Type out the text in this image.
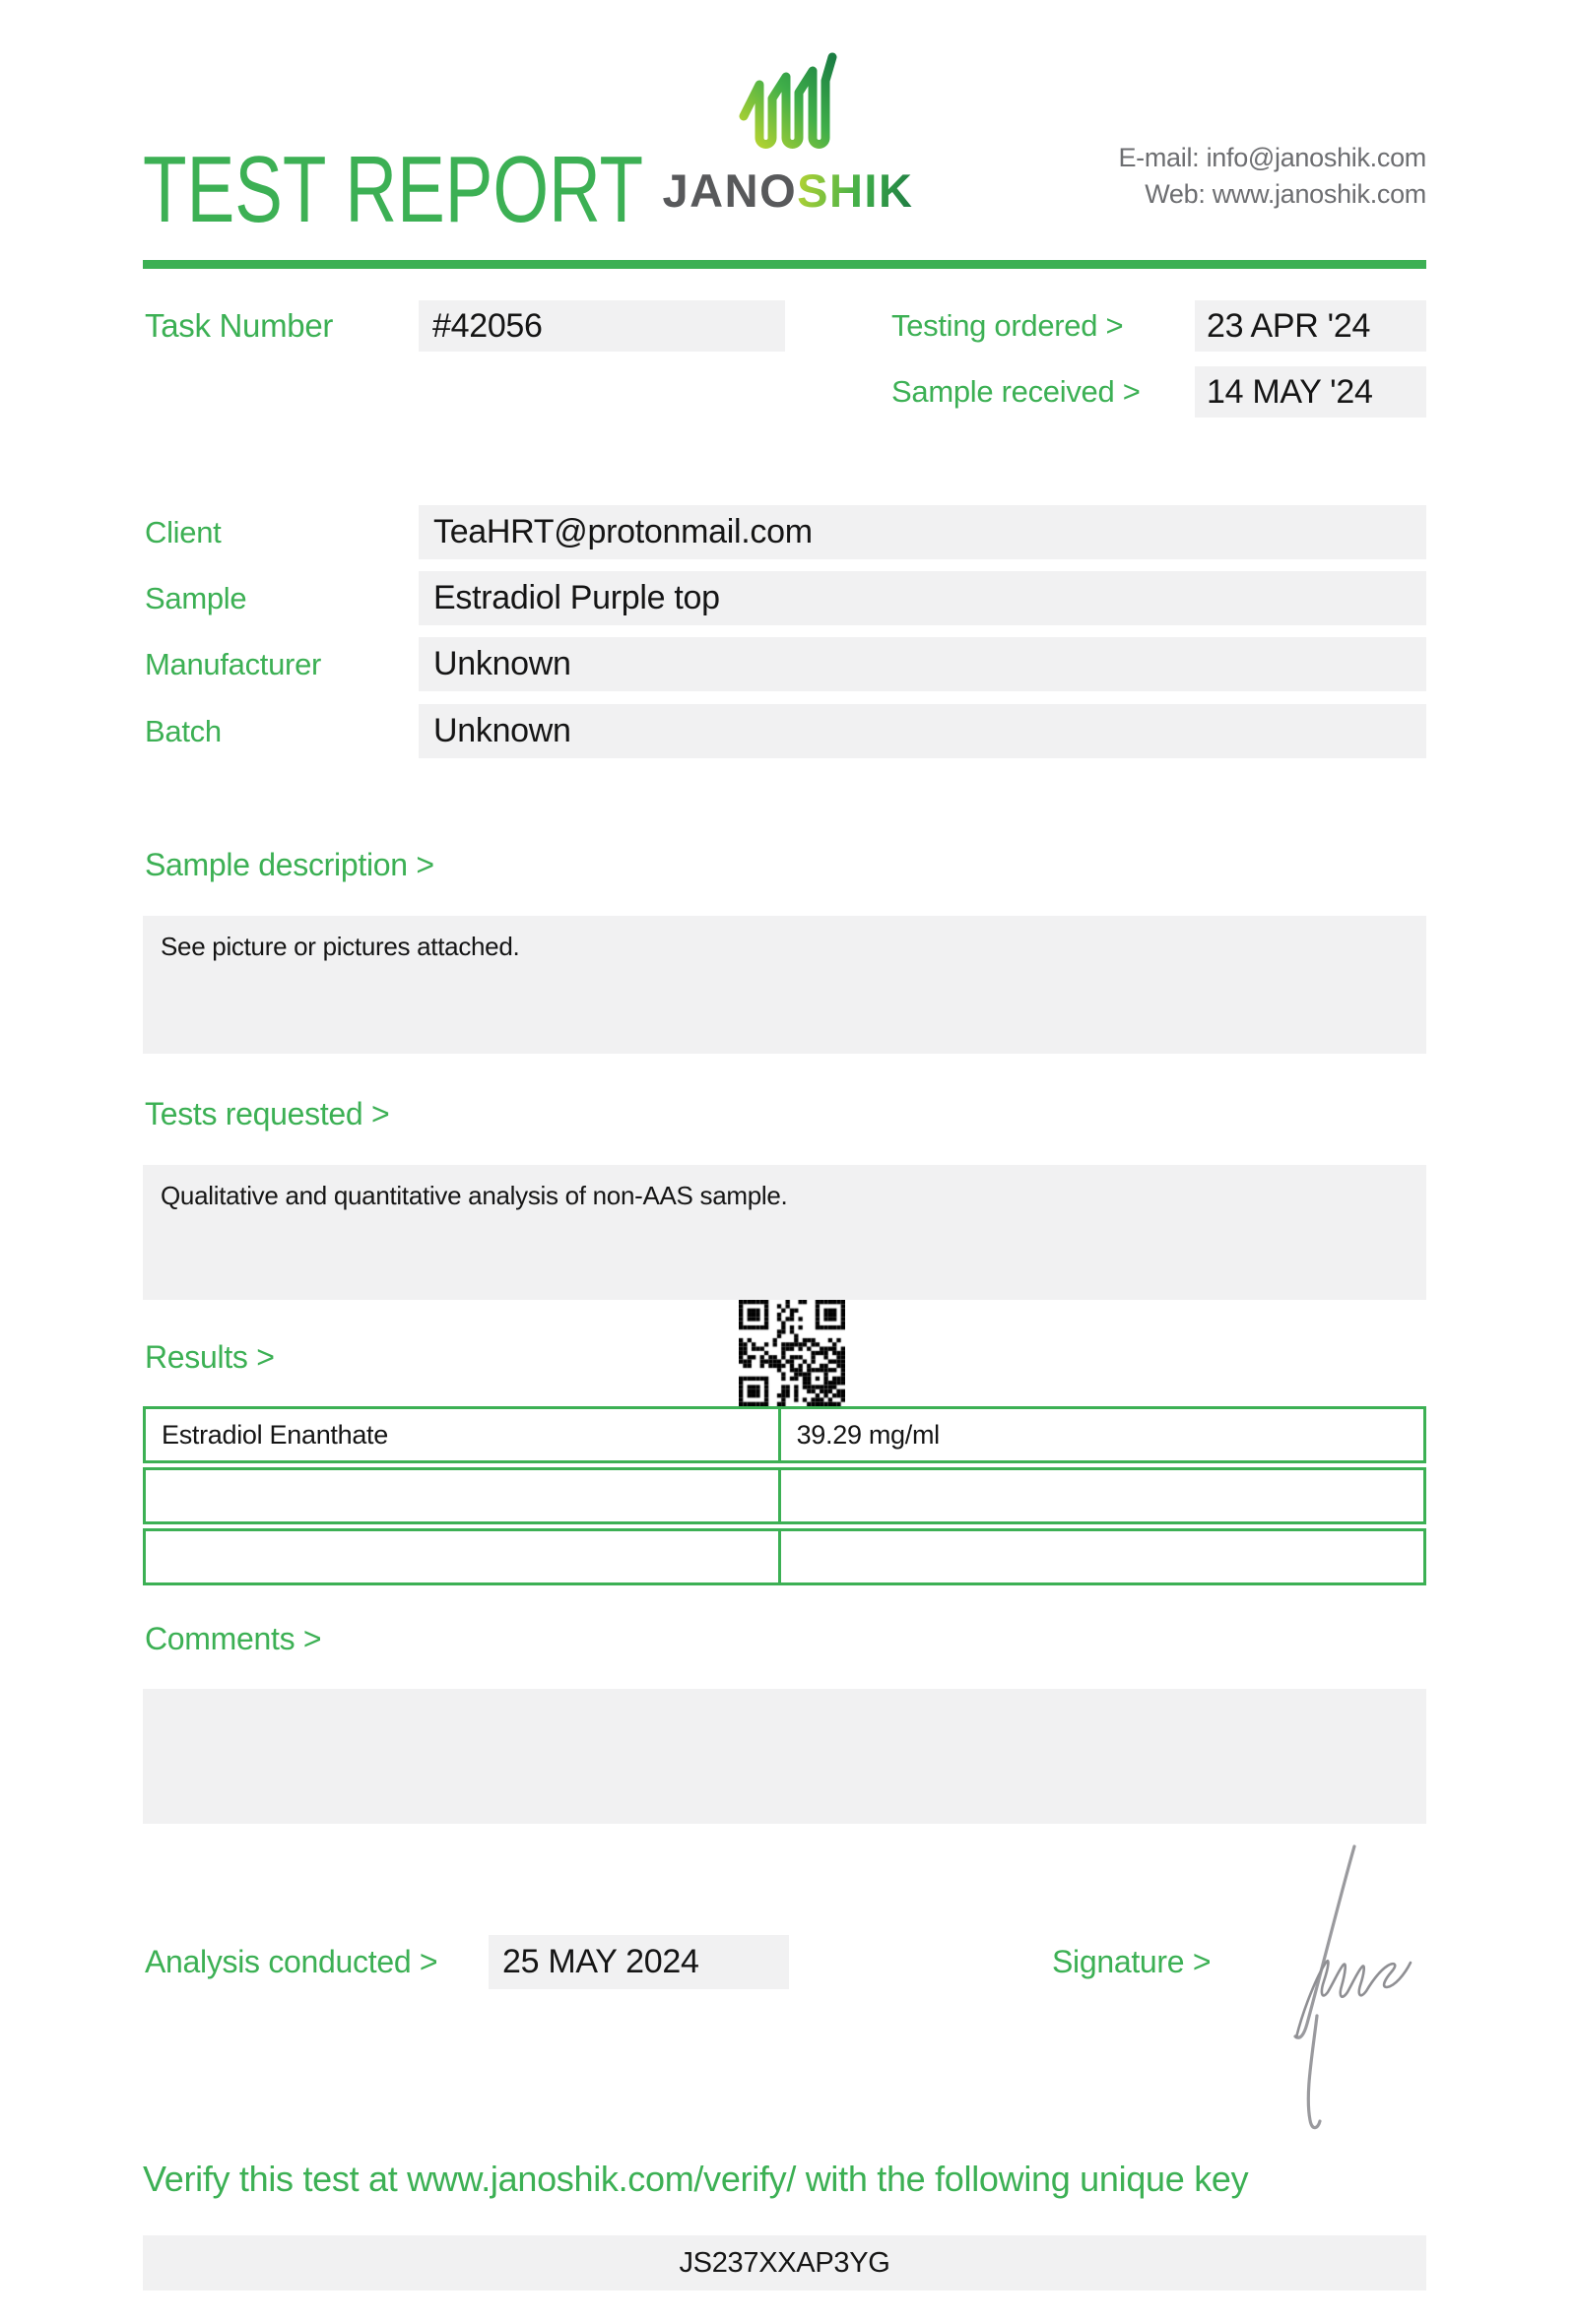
TEST REPORT JANOSHIK
E-mail: info@janoshik.com
Web: www.janoshik.com
Task Number	#42056	Testing ordered >	23 APR '24
Sample received >	14 MAY '24
Client	TeaHRT@protonmail.com
Sample	Estradiol Purple top
Manufacturer	Unknown
Batch	Unknown
Sample description >
See picture or pictures attached.
Tests requested >
Qualitative and quantitative analysis of non-AAS sample.
Results >
Estradiol Enanthate	39.29 mg/ml
Comments >
Analysis conducted >	25 MAY 2024	Signature >
Verify this test at www.janoshik.com/verify/ with the following unique key
JS237XXAP3YG
